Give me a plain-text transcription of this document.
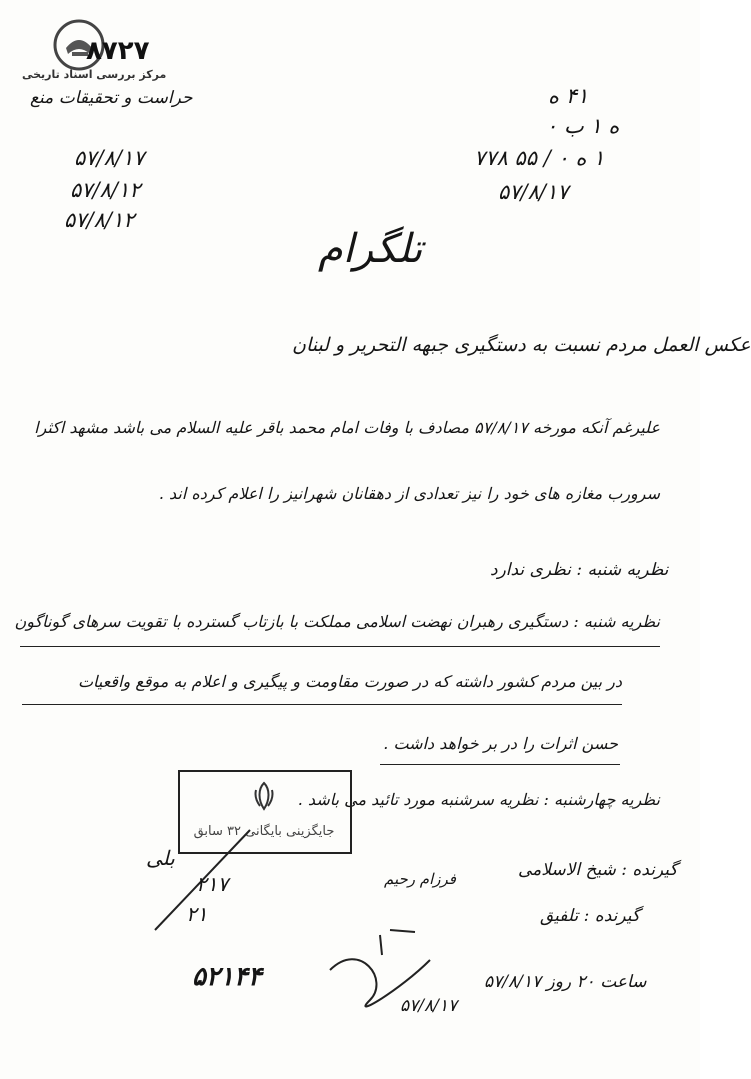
مرکز بررسی اسناد تاریخی
۸۷۲۷
حراست و تحقیقات منع
۵۷/۸/۱۷
۵۷/۸/۱۲
۵۷/۸/۱۲
۴۱ ه
ه ۱ ب ۰
۱ ه ۰ / ۵۵ ۷۷۸
۵۷/۸/۱۷
تلگرام
عکس العمل مردم نسبت به دستگیری جبهه التحریر و لبنان
علیرغم آنکه مورخه ۵۷/۸/۱۷ مصادف با وفات امام محمد باقر علیه السلام می باشد مشهد اکثرا
سرورب مغازه های خود را نیز تعدادی از دهقانان شهرانیز را اعلام کرده اند .
نظریه شنبه : نظری ندارد
نظریه شنبه : دستگیری رهبران نهضت اسلامی مملکت با بازتاب گسترده با تقویت سرهای گوناگون
در بین مردم کشور داشته که در صورت مقاومت و پیگیری و اعلام به موقع واقعیات
حسن اثرات را در بر خواهد داشت .
نظریه چهارشنبه : نظریه سرشنبه مورد تائید می باشد .
جایگزینی بایگانی ۳۲ سابق
گیرنده : شیخ الاسلامی
گیرنده : تلفیق
فرزام رحیم
بلی
۲۱۷
۲۱
۵۲۱۴۴	ساعت ۲۰ روز ۵۷/۸/۱۷
۵۷/۸/۱۷
